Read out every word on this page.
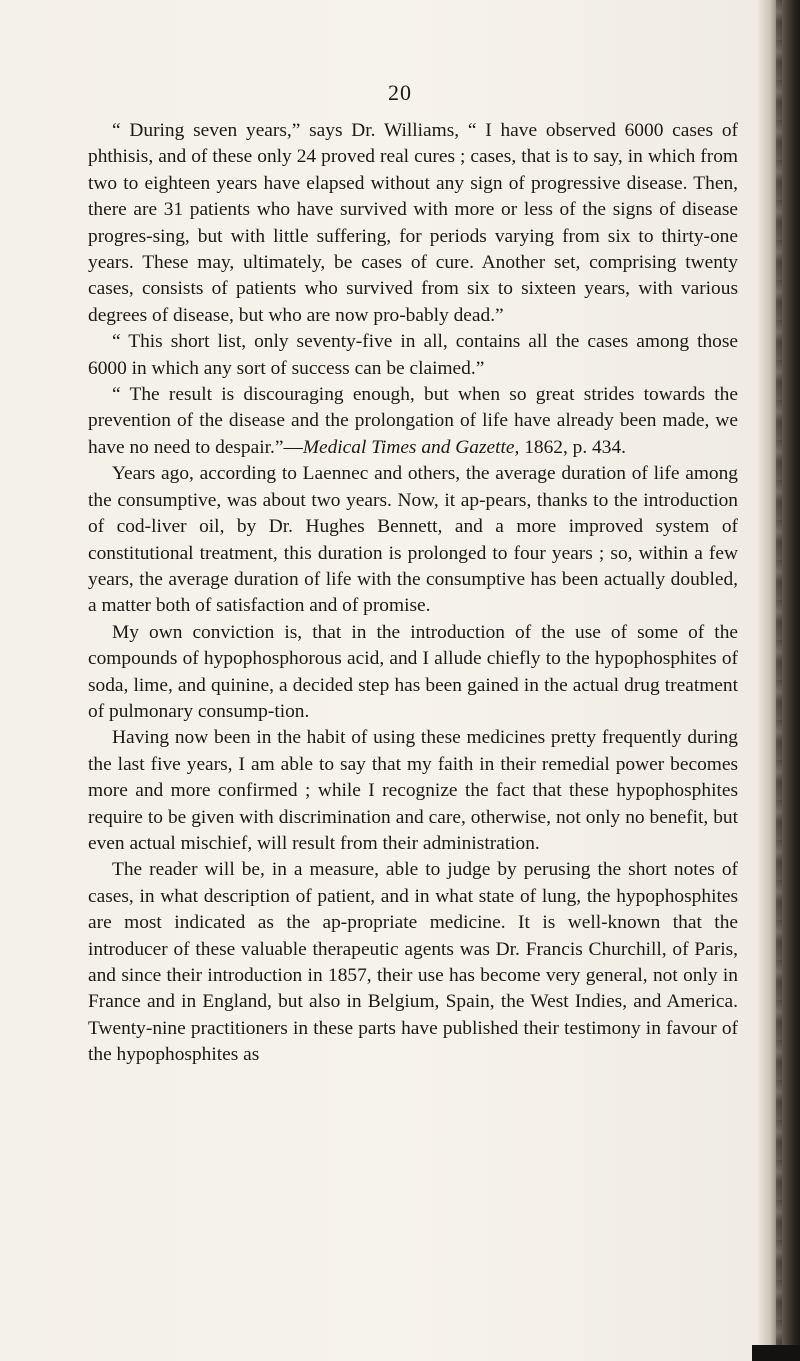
20

“ During seven years,” says Dr. Williams, “ I have observed 6000 cases of phthisis, and of these only 24 proved real cures ; cases, that is to say, in which from two to eighteen years have elapsed without any sign of progressive disease. Then, there are 31 patients who have survived with more or less of the signs of disease progres-sing, but with little suffering, for periods varying from six to thirty-one years. These may, ultimately, be cases of cure. Another set, comprising twenty cases, consists of patients who survived from six to sixteen years, with various degrees of disease, but who are now pro-bably dead.”

“ This short list, only seventy-five in all, contains all the cases among those 6000 in which any sort of success can be claimed.”

“ The result is discouraging enough, but when so great strides towards the prevention of the disease and the prolongation of life have already been made, we have no need to despair.”—Medical Times and Gazette, 1862, p. 434.

Years ago, according to Laennec and others, the average duration of life among the consumptive, was about two years. Now, it ap-pears, thanks to the introduction of cod-liver oil, by Dr. Hughes Bennett, and a more improved system of constitutional treatment, this duration is prolonged to four years ; so, within a few years, the average duration of life with the consumptive has been actually doubled, a matter both of satisfaction and of promise.

My own conviction is, that in the introduction of the use of some of the compounds of hypophosphorous acid, and I allude chiefly to the hypophosphites of soda, lime, and quinine, a decided step has been gained in the actual drug treatment of pulmonary consump-tion.

Having now been in the habit of using these medicines pretty frequently during the last five years, I am able to say that my faith in their remedial power becomes more and more confirmed ; while I recognize the fact that these hypophosphites require to be given with discrimination and care, otherwise, not only no benefit, but even actual mischief, will result from their administration.

The reader will be, in a measure, able to judge by perusing the short notes of cases, in what description of patient, and in what state of lung, the hypophosphites are most indicated as the ap-propriate medicine. It is well-known that the introducer of these valuable therapeutic agents was Dr. Francis Churchill, of Paris, and since their introduction in 1857, their use has become very general, not only in France and in England, but also in Belgium, Spain, the West Indies, and America. Twenty-nine practitioners in these parts have published their testimony in favour of the hypophosphites as
